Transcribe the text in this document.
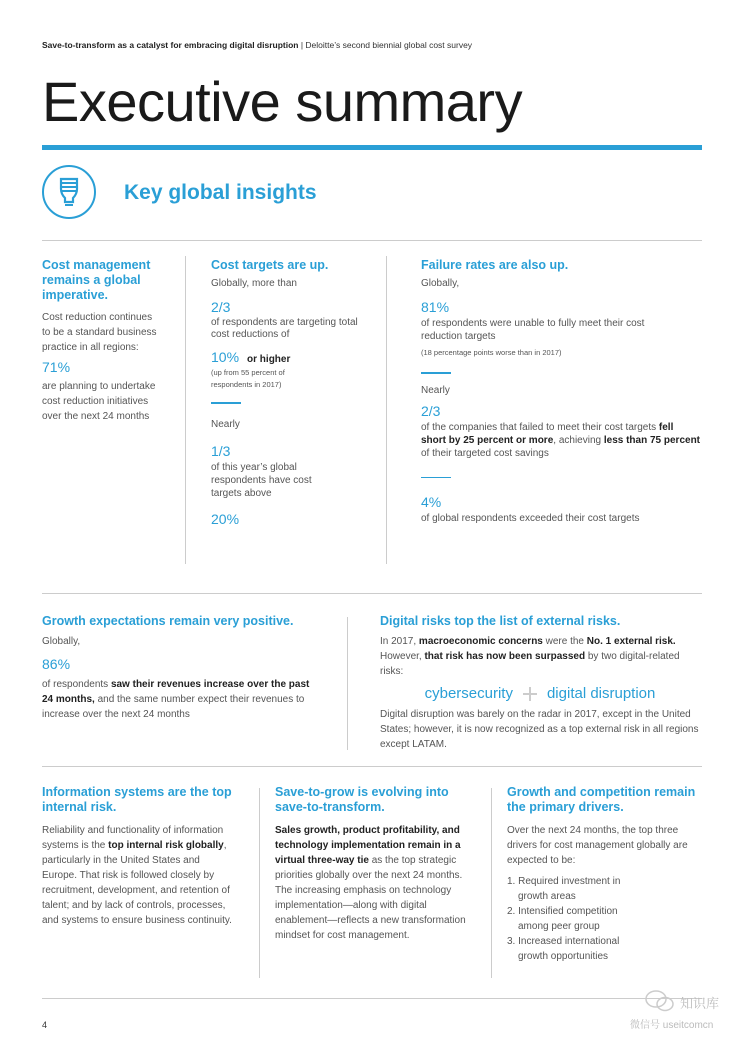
Save-to-transform as a catalyst for embracing digital disruption | Deloitte’s second biennial global cost survey
Executive summary
Key global insights
Cost management remains a global imperative.
Cost reduction continues to be a standard business practice in all regions:
71%
are planning to undertake cost reduction initiatives over the next 24 months
Cost targets are up.
Globally, more than
2/3
of respondents are targeting total cost reductions of
10% or higher
(up from 55 percent of respondents in 2017)
Nearly
1/3
of this year’s global respondents have cost targets above
20%
Failure rates are also up.
Globally,
81%
of respondents were unable to fully meet their cost reduction targets
(18 percentage points worse than in 2017)
Nearly
2/3
of the companies that failed to meet their cost targets fell short by 25 percent or more, achieving less than 75 percent of their targeted cost savings
4%
of global respondents exceeded their cost targets
Growth expectations remain very positive.
Globally,
86%
of respondents saw their revenues increase over the past 24 months, and the same number expect their revenues to increase over the next 24 months
Digital risks top the list of external risks.
In 2017, macroeconomic concerns were the No. 1 external risk. However, that risk has now been surpassed by two digital-related risks:
cybersecurity digital disruption
Digital disruption was barely on the radar in 2017, except in the United States; however, it is now recognized as a top external risk in all regions except LATAM.
Information systems are the top internal risk.
Reliability and functionality of information systems is the top internal risk globally, particularly in the United States and Europe. That risk is followed closely by recruitment, development, and retention of talent; and by lack of controls, processes, and systems to ensure business continuity.
Save-to-grow is evolving into save-to-transform.
Sales growth, product profitability, and technology implementation remain in a virtual three-way tie as the top strategic priorities globally over the next 24 months. The increasing emphasis on technology implementation—along with digital enablement—reflects a new transformation mindset for cost management.
Growth and competition remain the primary drivers.
Over the next 24 months, the top three drivers for cost management globally are expected to be:
1. Required investment in growth areas
2. Intensified competition among peer group
3. Increased international growth opportunities
4
知识库
微信号 useitcomcn
